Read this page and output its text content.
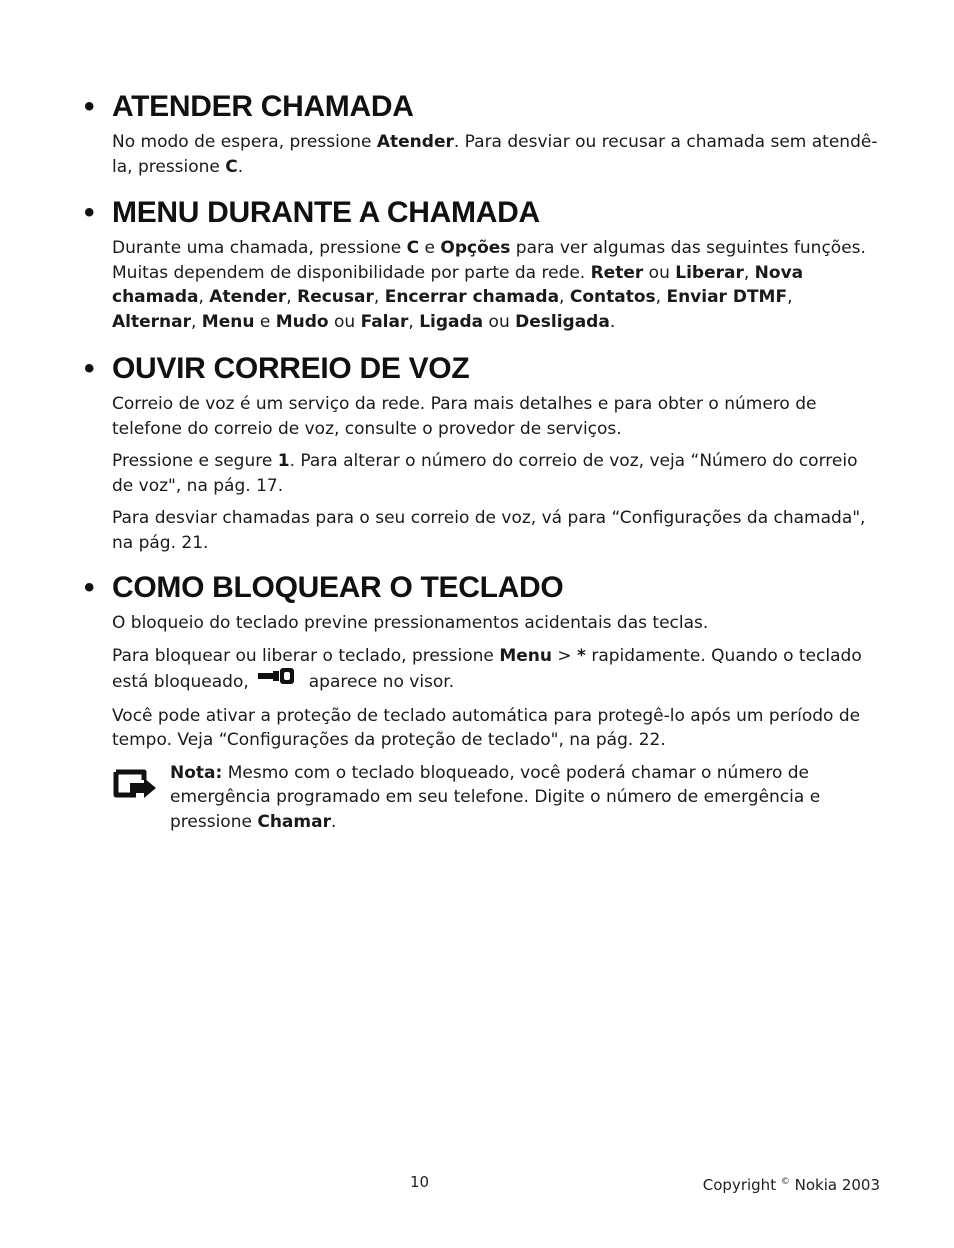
• ATENDER CHAMADA

No modo de espera, pressione Atender. Para desviar ou recusar a chamada sem atendê-la, pressione C.

• MENU DURANTE A CHAMADA

Durante uma chamada, pressione C e Opções para ver algumas das seguintes funções. Muitas dependem de disponibilidade por parte da rede. Reter ou Liberar, Nova chamada, Atender, Recusar, Encerrar chamada, Contatos, Enviar DTMF, Alternar, Menu e Mudo ou Falar, Ligada ou Desligada.

• OUVIR CORREIO DE VOZ

Correio de voz é um serviço da rede. Para mais detalhes e para obter o número de telefone do correio de voz, consulte o provedor de serviços.

Pressione e segure 1. Para alterar o número do correio de voz, veja “Número do correio de voz", na pág. 17.

Para desviar chamadas para o seu correio de voz, vá para “Configurações da chamada", na pág. 21.

• COMO BLOQUEAR O TECLADO

O bloqueio do teclado previne pressionamentos acidentais das teclas.

Para bloquear ou liberar o teclado, pressione Menu > * rapidamente. Quando o teclado está bloqueado,	aparece no visor.

Você pode ativar a proteção de teclado automática para protegê-lo após um período de tempo. Veja “Configurações da proteção de teclado", na pág. 22.

Nota: Mesmo com o teclado bloqueado, você poderá chamar o número de emergência programado em seu telefone. Digite o número de emergência e pressione Chamar.

10	Copyright © Nokia 2003
